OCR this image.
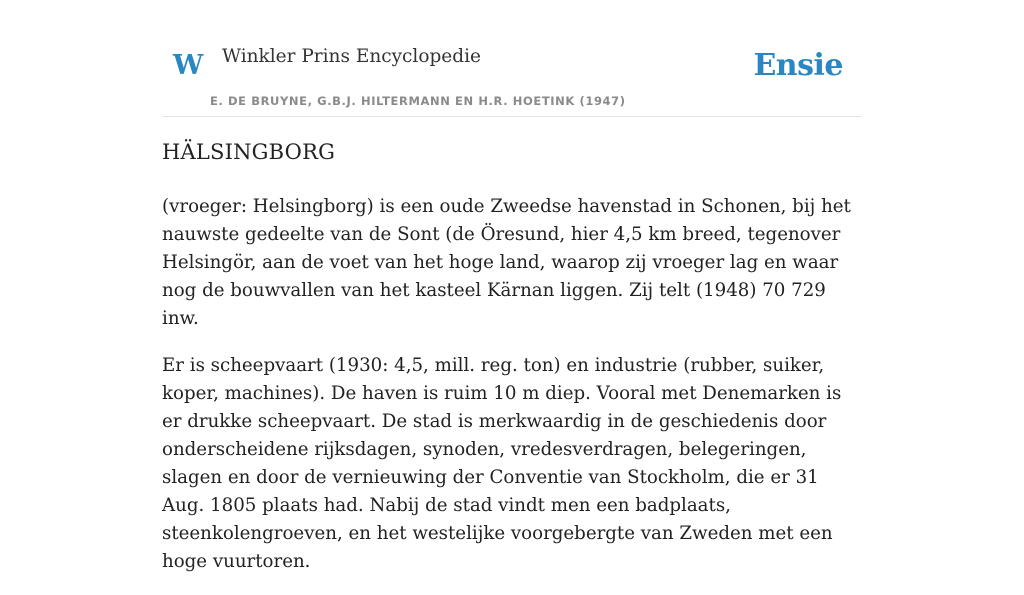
W Winkler Prins Encyclopedie
E. DE BRUYNE, G.B.J. HILTERMANN EN H.R. HOETINK (1947)
Ensie
HÄLSINGBORG

(vroeger: Helsingborg) is een oude Zweedse havenstad in Schonen, bij het nauwste gedeelte van de Sont (de Öresund, hier 4,5 km breed, tegenover Helsingör, aan de voet van het hoge land, waarop zij vroeger lag en waar nog de bouwvallen van het kasteel Kärnan liggen. Zij telt (1948) 70 729 inw.

Er is scheepvaart (1930: 4,5, mill. reg. ton) en industrie (rubber, suiker, koper, machines). De haven is ruim 10 m diep. Vooral met Denemarken is er drukke scheepvaart. De stad is merkwaardig in de geschiedenis door onderscheidene rijksdagen, synoden, vredesverdragen, belegeringen, slagen en door de vernieuwing der Conventie van Stockholm, die er 31 Aug. 1805 plaats had. Nabij de stad vindt men een badplaats, steenkolengroeven, en het westelijke voorgebergte van Zweden met een hoge vuurtoren.
